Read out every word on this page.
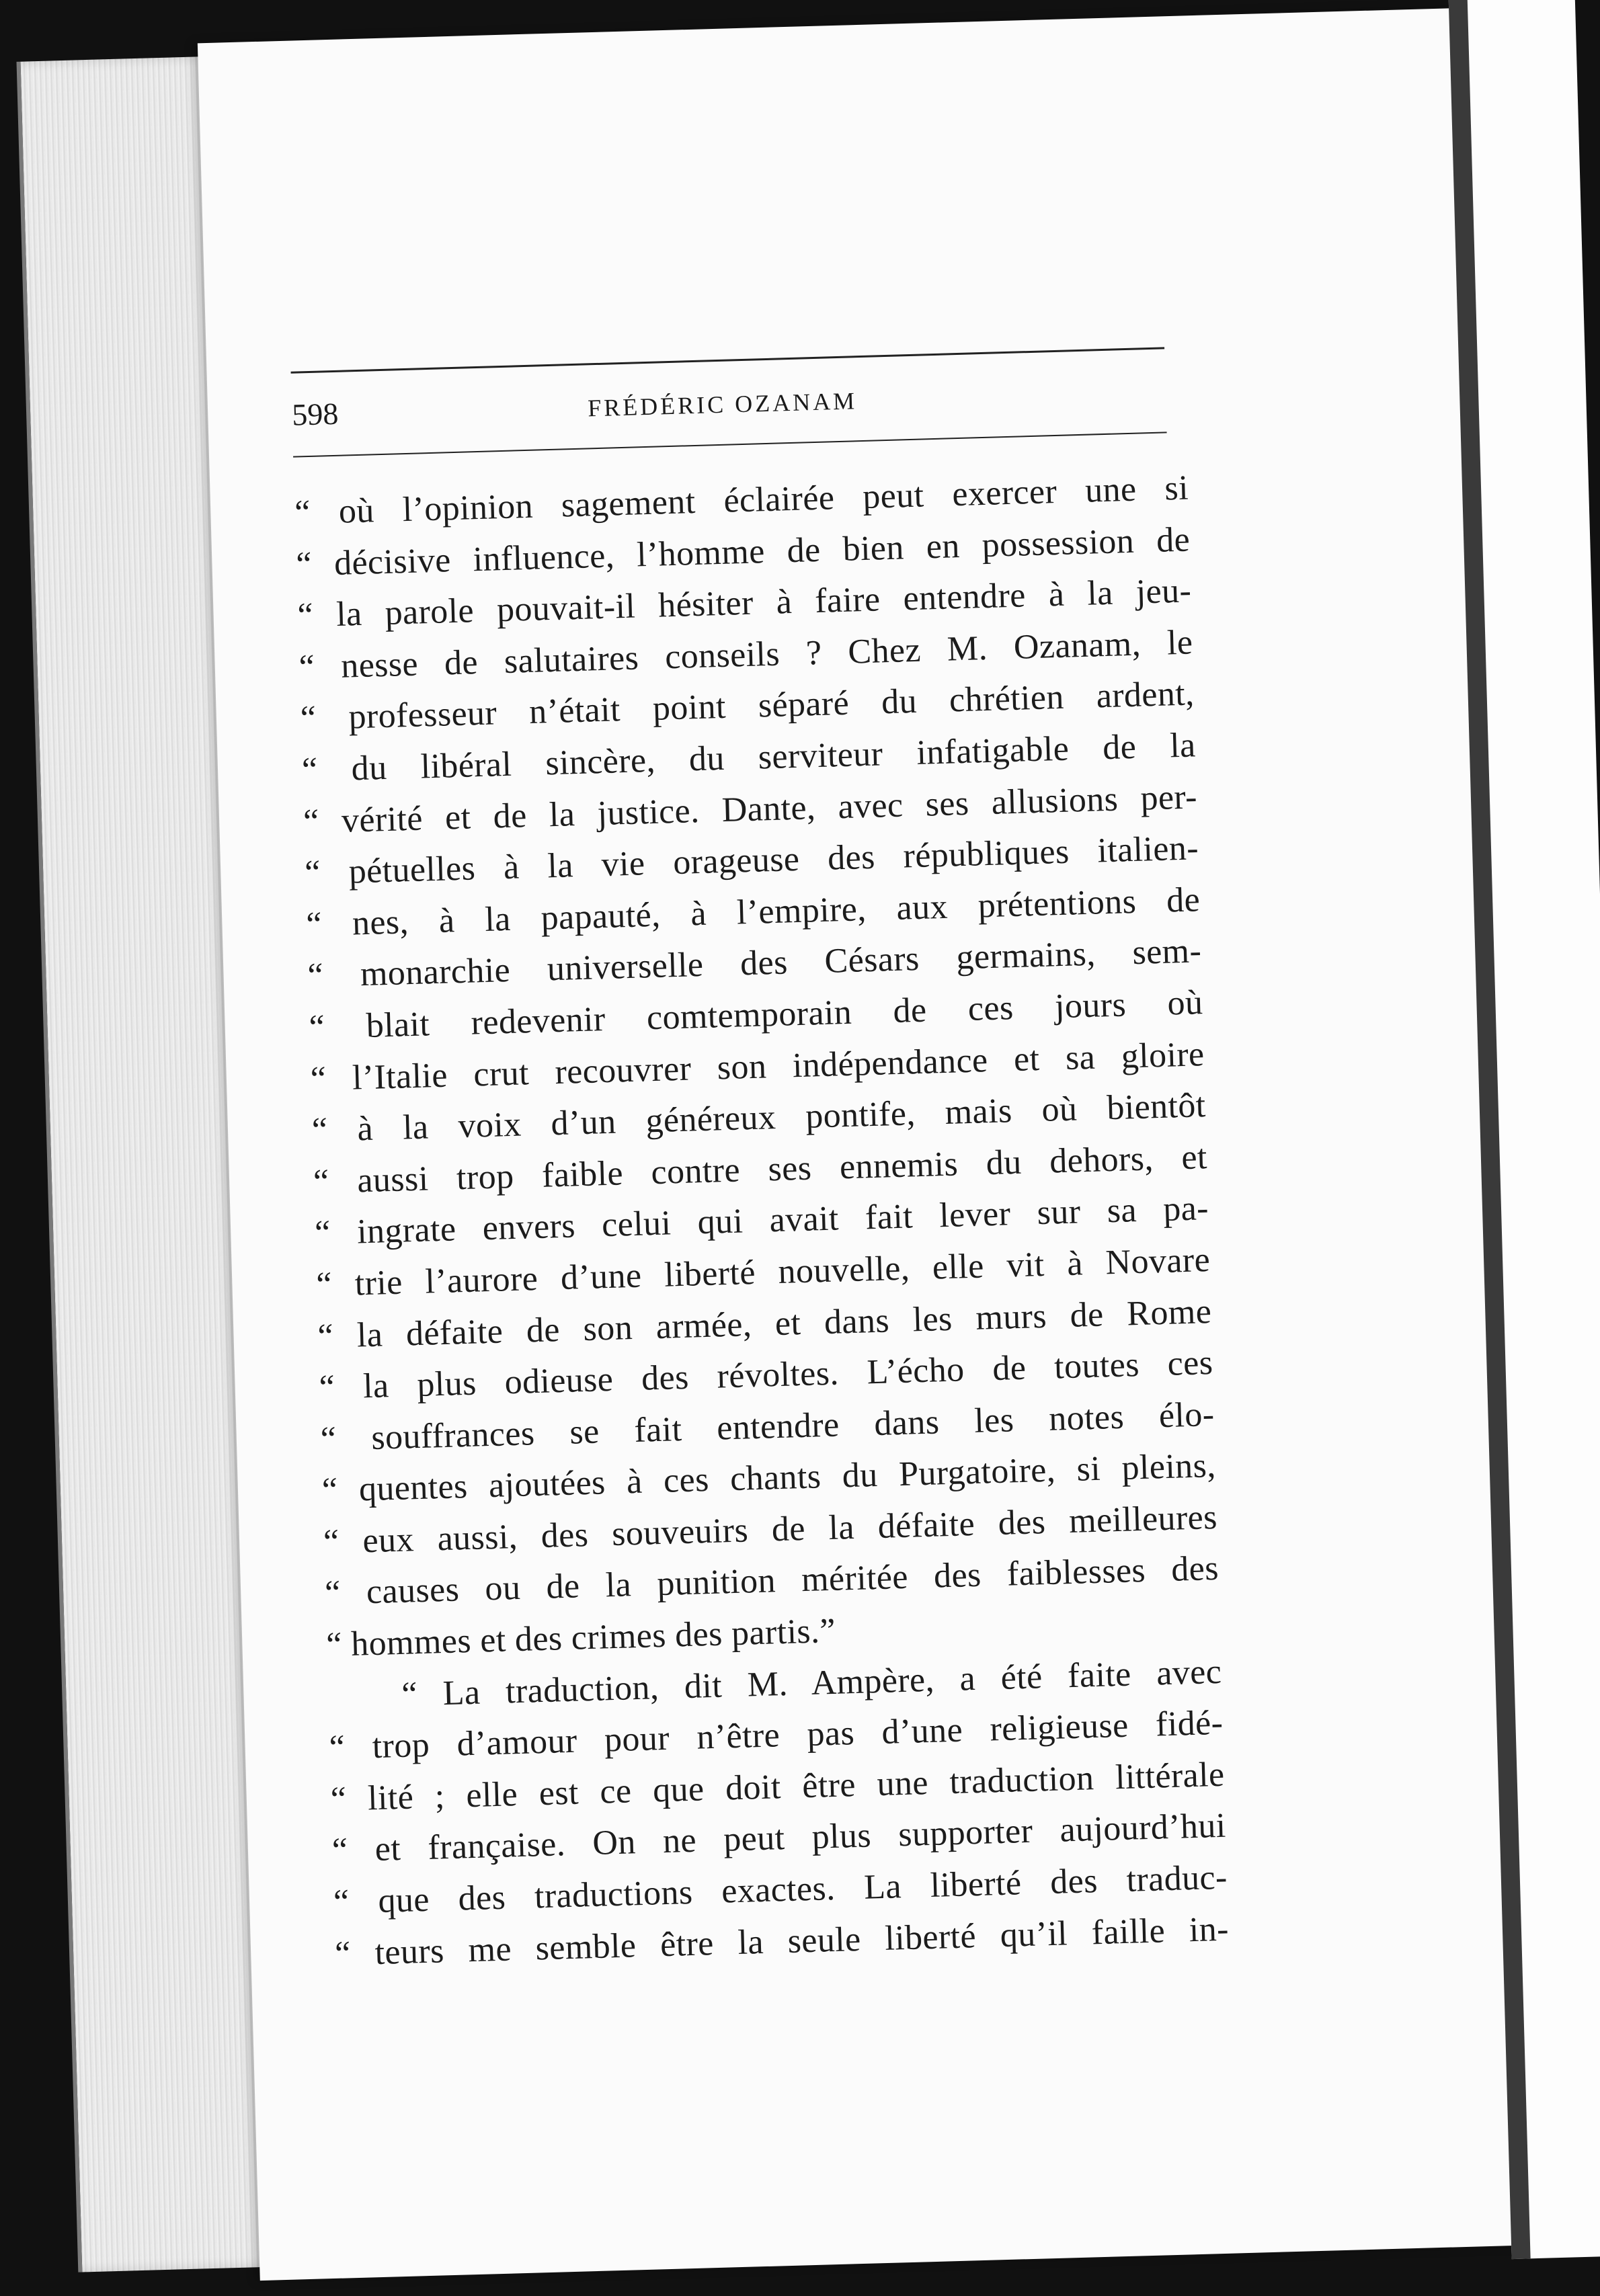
598	FRÉDÉRIC OZANAM
“ où l’opinion sagement éclairée peut exercer une si
“ décisive influence, l’homme de bien en possession de
“ la parole pouvait-il hésiter à faire entendre à la jeu-
“ nesse de salutaires conseils ? Chez M. Ozanam, le
“ professeur n’était point séparé du chrétien ardent,
“ du libéral sincère, du serviteur infatigable de la
“ vérité et de la justice. Dante, avec ses allusions per-
“ pétuelles à la vie orageuse des républiques italien-
“ nes, à la papauté, à l’empire, aux prétentions de
“ monarchie universelle des Césars germains, sem-
“ blait redevenir comtemporain de ces jours où
“ l’Italie crut recouvrer son indépendance et sa gloire
“ à la voix d’un généreux pontife, mais où bientôt
“ aussi trop faible contre ses ennemis du dehors, et
“ ingrate envers celui qui avait fait lever sur sa pa-
“ trie l’aurore d’une liberté nouvelle, elle vit à Novare
“ la défaite de son armée, et dans les murs de Rome
“ la plus odieuse des révoltes. L’écho de toutes ces
“ souffrances se fait entendre dans les notes élo-
“ quentes ajoutées à ces chants du Purgatoire, si pleins,
“ eux aussi, des souveuirs de la défaite des meilleures
“ causes ou de la punition méritée des faiblesses des
“ hommes et des crimes des partis.”
“ La traduction, dit M. Ampère, a été faite avec
“ trop d’amour pour n’être pas d’une religieuse fidé-
“ lité ; elle est ce que doit être une traduction littérale
“ et française. On ne peut plus supporter aujourd’hui
“ que des traductions exactes. La liberté des traduc-
“ teurs me semble être la seule liberté qu’il faille in-
